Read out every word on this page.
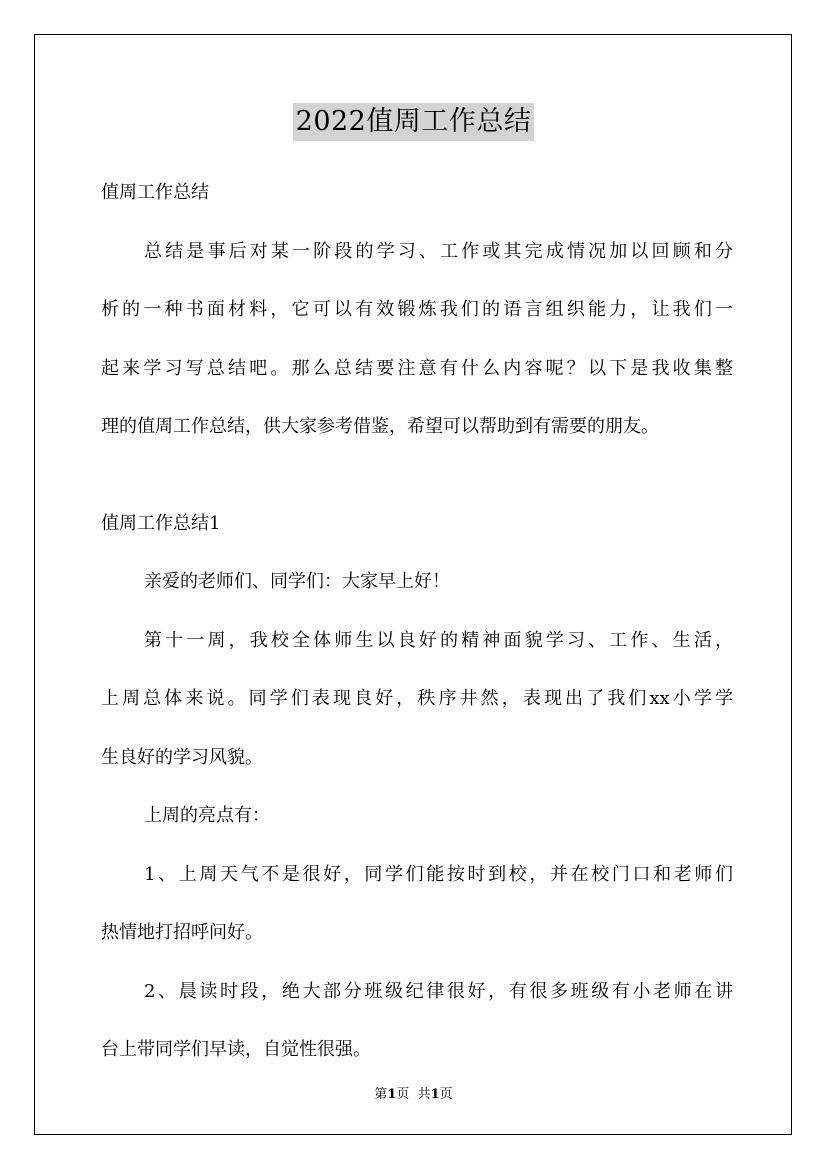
2022值周工作总结
值周工作总结
总结是事后对某一阶段的学习、工作或其完成情况加以回顾和分
析的一种书面材料，它可以有效锻炼我们的语言组织能力，让我们一
起来学习写总结吧。那么总结要注意有什么内容呢？以下是我收集整
理的值周工作总结，供大家参考借鉴，希望可以帮助到有需要的朋友。
值周工作总结1
亲爱的老师们、同学们：大家早上好！
第十一周，我校全体师生以良好的精神面貌学习、工作、生活，
上周总体来说。同学们表现良好，秩序井然，表现出了我们xx小学学
生良好的学习风貌。
上周的亮点有：
1、上周天气不是很好，同学们能按时到校，并在校门口和老师们
热情地打招呼问好。
2、晨读时段，绝大部分班级纪律很好，有很多班级有小老师在讲
台上带同学们早读，自觉性很强。
第1页  共1页
